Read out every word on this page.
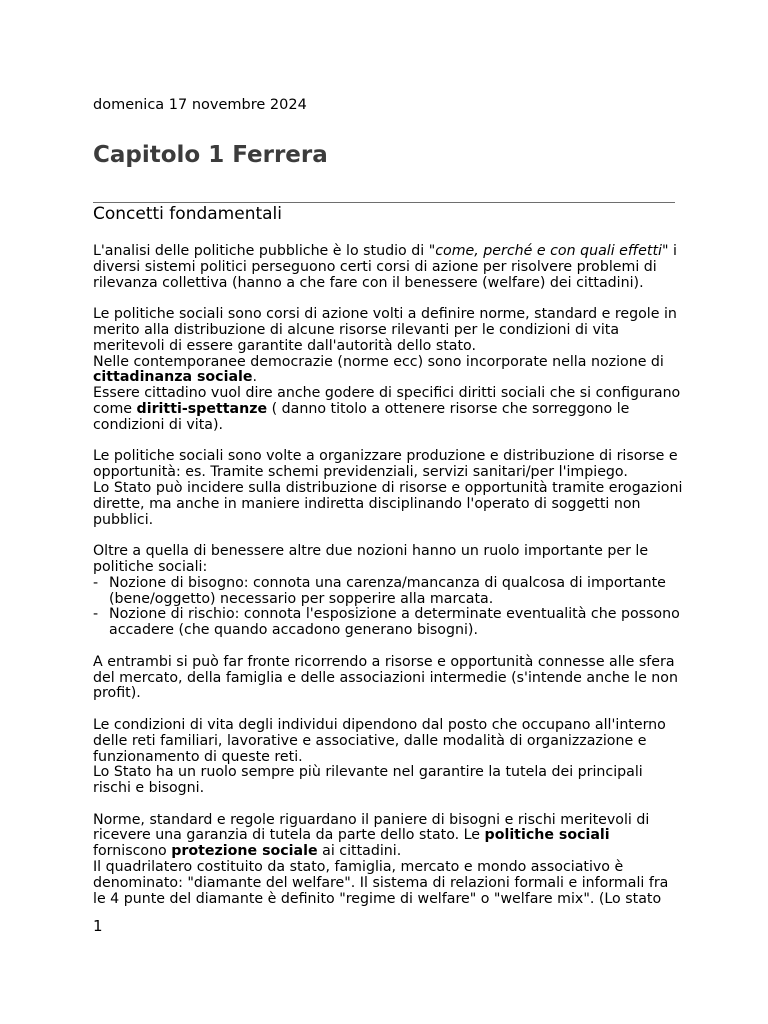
domenica 17 novembre 2024
Capitolo 1 Ferrera
Concetti fondamentali

L'analisi delle politiche pubbliche è lo studio di "come, perché e con quali effetti" i diversi sistemi politici perseguono certi corsi di azione per risolvere problemi di rilevanza collettiva (hanno a che fare con il benessere (welfare) dei cittadini).

Le politiche sociali sono corsi di azione volti a definire norme, standard e regole in merito alla distribuzione di alcune risorse rilevanti per le condizioni di vita meritevoli di essere garantite dall'autorità dello stato.

Nelle contemporanee democrazie (norme ecc) sono incorporate nella nozione di cittadinanza sociale.

Essere cittadino vuol dire anche godere di specifici diritti sociali che si configurano come diritti-spettanze ( danno titolo a ottenere risorse che sorreggono le condizioni di vita).

Le politiche sociali sono volte a organizzare produzione e distribuzione di risorse e opportunità: es. Tramite schemi previdenziali, servizi sanitari/per l'impiego.

Lo Stato può incidere sulla distribuzione di risorse e opportunità tramite erogazioni dirette, ma anche in maniere indiretta disciplinando l'operato di soggetti non pubblici.

Oltre a quella di benessere altre due nozioni hanno un ruolo importante per le politiche sociali:

- Nozione di bisogno: connota una carenza/mancanza di qualcosa di importante (bene/oggetto) necessario per sopperire alla marcata.
- Nozione di rischio: connota l'esposizione a determinate eventualità che possono accadere (che quando accadono generano bisogni).

A entrambi si può far fronte ricorrendo a risorse e opportunità connesse alle sfera del mercato, della famiglia e delle associazioni intermedie (s'intende anche le non profit).

Le condizioni di vita degli individui dipendono dal posto che occupano all'interno delle reti familiari, lavorative e associative, dalle modalità di organizzazione e funzionamento di queste reti.

Lo Stato ha un ruolo sempre più rilevante nel garantire la tutela dei principali rischi e bisogni.

Norme, standard e regole riguardano il paniere di bisogni e rischi meritevoli di ricevere una garanzia di tutela da parte dello stato. Le politiche sociali forniscono protezione sociale ai cittadini.

Il quadrilatero costituito da stato, famiglia, mercato e mondo associativo è denominato: "diamante del welfare". Il sistema di relazioni formali e informali fra le 4 punte del diamante è definito "regime di welfare" o "welfare mix". (Lo stato

1
